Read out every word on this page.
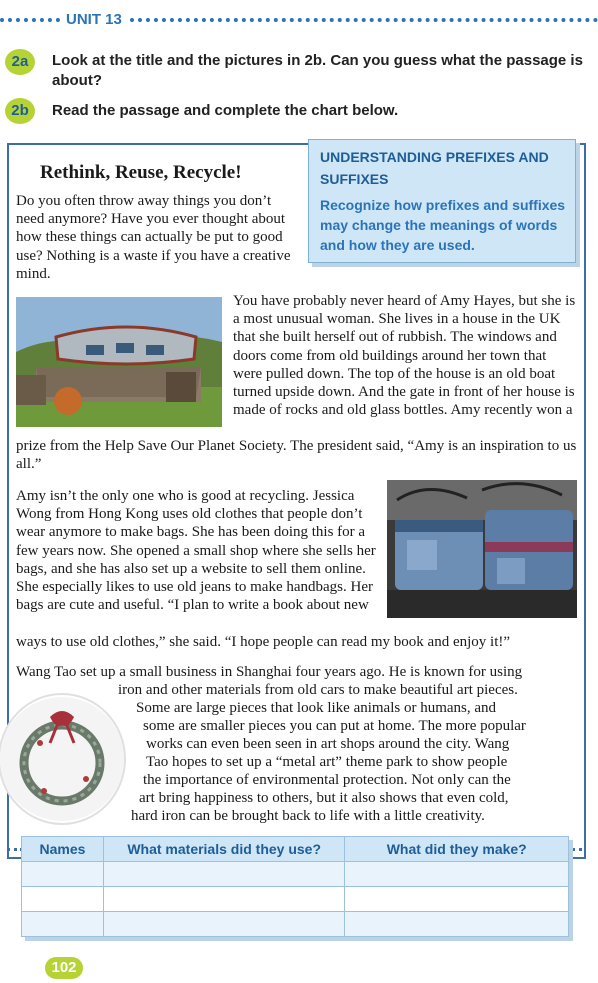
UNIT 13
2a	Look at the title and the pictures in 2b. Can you guess what the passage is about?
2b	Read the passage and complete the chart below.
Rethink, Reuse, Recycle!
UNDERSTANDING PREFIXES AND SUFFIXES
Recognize how prefixes and suffixes may change the meanings of words and how they are used.
Do you often throw away things you don’t need anymore? Have you ever thought about how these things can actually be put to good use? Nothing is a waste if you have a creative mind.
You have probably never heard of Amy Hayes, but she is a most unusual woman. She lives in a house in the UK that she built herself out of rubbish. The windows and doors come from old buildings around her town that were pulled down. The top of the house is an old boat turned upside down. And the gate in front of her house is made of rocks and old glass bottles. Amy recently won a
prize from the Help Save Our Planet Society. The president said, “Amy is an inspiration to us all.”
Amy isn’t the only one who is good at recycling. Jessica Wong from Hong Kong uses old clothes that people don’t wear anymore to make bags. She has been doing this for a few years now. She opened a small shop where she sells her bags, and she has also set up a website to sell them online. She especially likes to use old jeans to make handbags. Her bags are cute and useful. “I plan to write a book about new
ways to use old clothes,” she said. “I hope people can read my book and enjoy it!”
Wang Tao set up a small business in Shanghai four years ago. He is known for using
iron and other materials from old cars to make beautiful art pieces.
Some are large pieces that look like animals or humans, and
some are smaller pieces you can put at home. The more popular
works can even been seen in art shops around the city. Wang
Tao hopes to set up a “metal art” theme park to show people
the importance of environmental protection. Not only can the
art bring happiness to others, but it also shows that even cold,
hard iron can be brought back to life with a little creativity.
Names	What materials did they use?	What did they make?

102
